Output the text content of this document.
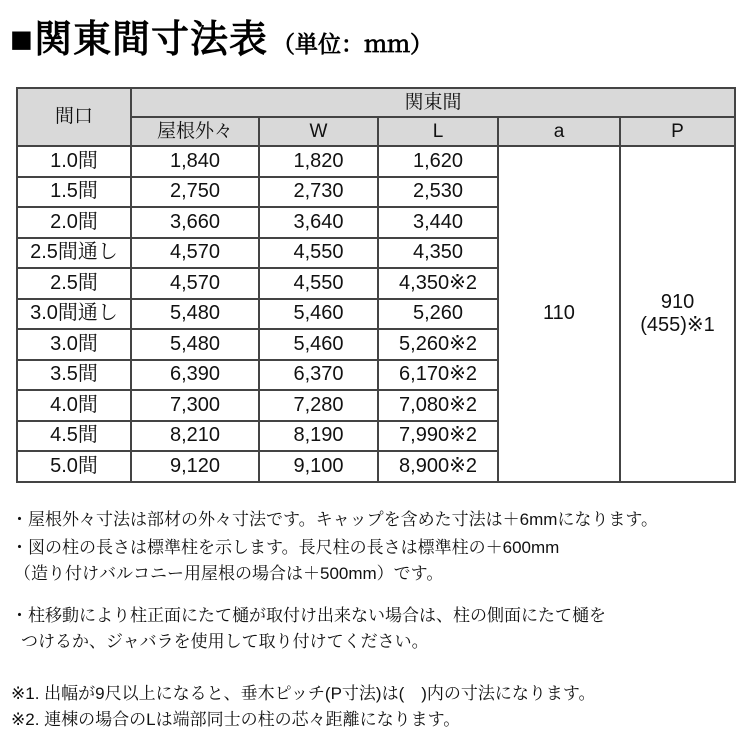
■関東間寸法表 （単位：ｍｍ）
間口	関東間				
	屋根外々	W	L	a	P
1.0間	1,840	1,820	1,620	110	910
(455)※1

1.5間	2,750	2,730	2,530		
2.0間	3,660	3,640	3,440		
2.5間通し	4,570	4,550	4,350		
2.5間	4,570	4,550	4,350※2		
3.0間通し	5,480	5,460	5,260		
3.0間	5,480	5,460	5,260※2		
3.5間	6,390	6,370	6,170※2		
4.0間	7,300	7,280	7,080※2		
4.5間	8,210	8,190	7,990※2		
5.0間	9,120	9,100	8,900※2		
・屋根外々寸法は部材の外々寸法です。キャップを含めた寸法は＋6mmになります。
・図の柱の長さは標準柱を示します。長尺柱の長さは標準柱の＋600mm
（造り付けバルコニー用屋根の場合は＋500mm）です。
・柱移動により柱正面にたて樋が取付け出来ない場合は、柱の側面にたて樋を
つけるか、ジャバラを使用して取り付けてください。
※1. 出幅が9尺以上になると、垂木ピッチ(P寸法)は(　)内の寸法になります。
※2. 連棟の場合のLは端部同士の柱の芯々距離になります。
